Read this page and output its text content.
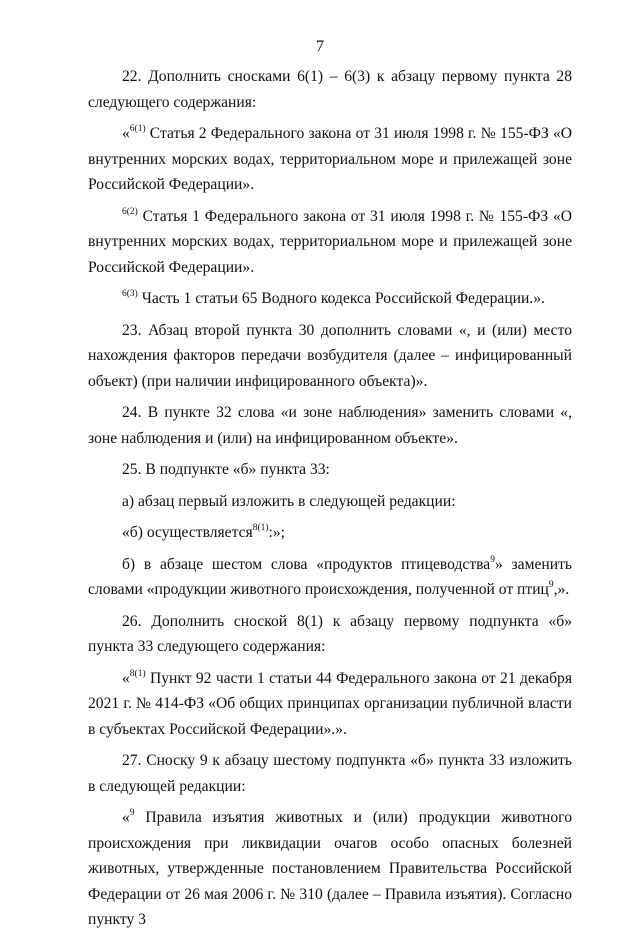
7

22. Дополнить сносками 6(1) – 6(3) к абзацу первому пункта 28 следующего содержания:

«$^{6(1)}$ Статья 2 Федерального закона от 31 июля 1998 г. № 155-ФЗ «О внутренних морских водах, территориальном море и прилежащей зоне Российской Федерации».

$^{6(2)}$ Статья 1 Федерального закона от 31 июля 1998 г. № 155-ФЗ «О внутренних морских водах, территориальном море и прилежащей зоне Российской Федерации».

$^{6(3)}$ Часть 1 статьи 65 Водного кодекса Российской Федерации.».

23. Абзац второй пункта 30 дополнить словами «, и (или) место нахождения факторов передачи возбудителя (далее – инфицированный объект) (при наличии инфицированного объекта)».

24. В пункте 32 слова «и зоне наблюдения» заменить словами «, зоне наблюдения и (или) на инфицированном объекте».

25. В подпункте «б» пункта 33:

а) абзац первый изложить в следующей редакции:

«б) осуществляется$^{8(1)}$:»;

б) в абзаце шестом слова «продуктов птицеводства$^9$» заменить словами «продукции животного происхождения, полученной от птиц$^9$,».

26. Дополнить сноской 8(1) к абзацу первому подпункта «б» пункта 33 следующего содержания:

«$^{8(1)}$ Пункт 92 части 1 статьи 44 Федерального закона от 21 декабря 2021 г. № 414-ФЗ «Об общих принципах организации публичной власти в субъектах Российской Федерации».».

27. Сноску 9 к абзацу шестому подпункта «б» пункта 33 изложить в следующей редакции:

«$^9$ Правила изъятия животных и (или) продукции животного происхождения при ликвидации очагов особо опасных болезней животных, утвержденные постановлением Правительства Российской Федерации от 26 мая 2006 г. № 310 (далее – Правила изъятия). Согласно пункту 3
